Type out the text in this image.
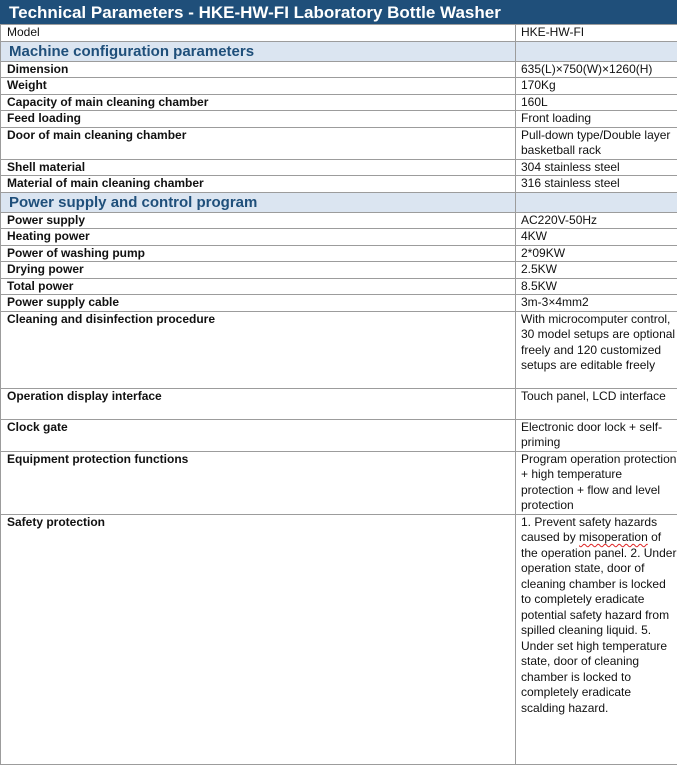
Technical Parameters - HKE-HW-FI Laboratory Bottle Washer
Model	HKE-HW-FI
Machine configuration parameters	
Dimension	635(L)×750(W)×1260(H)
Weight	170Kg
Capacity of main cleaning chamber	160L
Feed loading	Front loading
Door of main cleaning chamber	Pull-down type/Double layer basketball rack
Shell material	304 stainless steel
Material of main cleaning chamber	316 stainless steel
Power supply and control program	
Power supply	AC220V-50Hz
Heating power	4KW
Power of washing pump	2*09KW
Drying power	2.5KW
Total power	8.5KW
Power supply cable	3m-3×4mm2
Cleaning and disinfection procedure	With microcomputer control, 30 model setups are optional freely and 120 customized setups are editable freely
Operation display interface	Touch panel, LCD interface
Clock gate	Electronic door lock + self-priming
Equipment protection functions	Program operation protection + high temperature protection + flow and level protection
Safety protection	1. Prevent safety hazards caused by misoperation of the operation panel. 2. Under operation state, door of cleaning chamber is locked to completely eradicate potential safety hazard from spilled cleaning liquid. 5. Under set high temperature state, door of cleaning chamber is locked to completely eradicate scalding hazard.
